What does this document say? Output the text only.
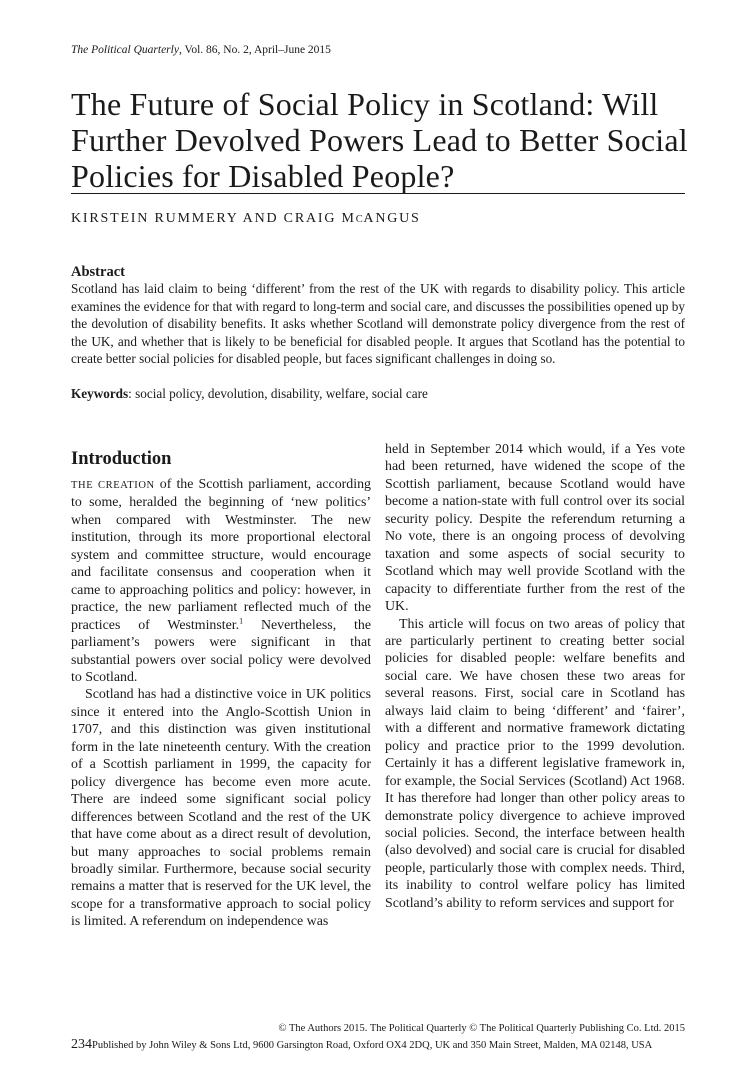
The Political Quarterly, Vol. 86, No. 2, April–June 2015
The Future of Social Policy in Scotland: Will Further Devolved Powers Lead to Better Social Policies for Disabled People?
KIRSTEIN RUMMERY AND CRAIG MCANGUS
Abstract

Scotland has laid claim to being ‘different’ from the rest of the UK with regards to disability policy. This article examines the evidence for that with regard to long-term and social care, and discusses the possibilities opened up by the devolution of disability benefits. It asks whether Scotland will demonstrate policy divergence from the rest of the UK, and whether that is likely to be beneficial for disabled people. It argues that Scotland has the potential to create better social policies for disabled people, but faces significant challenges in doing so.

Keywords: social policy, devolution, disability, welfare, social care
Introduction

THE CREATION of the Scottish parliament, according to some, heralded the beginning of ‘new politics’ when compared with Westminster. The new institution, through its more proportional electoral system and committee structure, would encourage and facilitate consensus and cooperation when it came to approaching politics and policy: however, in practice, the new parliament reflected much of the practices of Westminster.$^1$ Nevertheless, the parliament’s powers were significant in that substantial powers over social policy were devolved to Scotland.

Scotland has had a distinctive voice in UK politics since it entered into the Anglo-Scottish Union in 1707, and this distinction was given institutional form in the late nineteenth century. With the creation of a Scottish parliament in 1999, the capacity for policy divergence has become even more acute. There are indeed some significant social policy differences between Scotland and the rest of the UK that have come about as a direct result of devolution, but many approaches to social problems remain broadly similar. Furthermore, because social security remains a matter that is reserved for the UK level, the scope for a transformative approach to social policy is limited. A referendum on independence was

held in September 2014 which would, if a Yes vote had been returned, have widened the scope of the Scottish parliament, because Scotland would have become a nation-state with full control over its social security policy. Despite the referendum returning a No vote, there is an ongoing process of devolving taxation and some aspects of social security to Scotland which may well provide Scotland with the capacity to differentiate further from the rest of the UK.

This article will focus on two areas of policy that are particularly pertinent to creating better social policies for disabled people: welfare benefits and social care. We have chosen these two areas for several reasons. First, social care in Scotland has always laid claim to being ‘different’ and ‘fairer’, with a different and normative framework dictating policy and practice prior to the 1999 devolution. Certainly it has a different legislative framework in, for example, the Social Services (Scotland) Act 1968. It has therefore had longer than other policy areas to demonstrate policy divergence to achieve improved social policies. Second, the interface between health (also devolved) and social care is crucial for disabled people, particularly those with complex needs. Third, its inability to control welfare policy has limited Scotland’s ability to reform services and support for

© The Authors 2015. The Political Quarterly © The Political Quarterly Publishing Co. Ltd. 2015
234 Published by John Wiley & Sons Ltd, 9600 Garsington Road, Oxford OX4 2DQ, UK and 350 Main Street, Malden, MA 02148, USA
